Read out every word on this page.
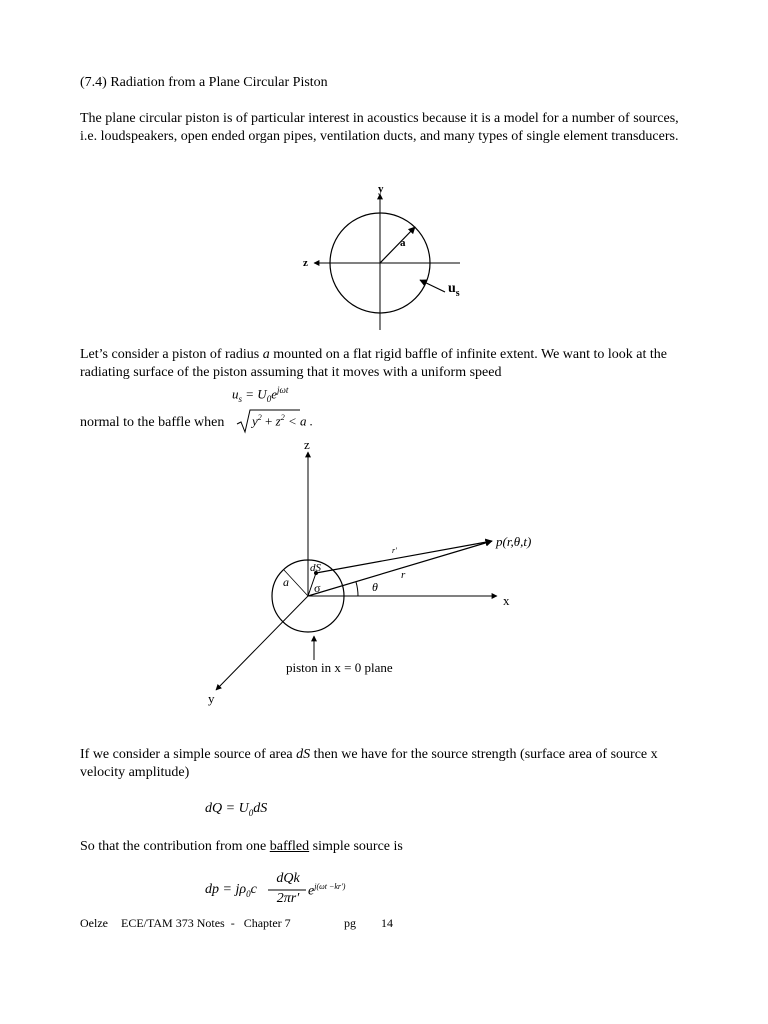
(7.4) Radiation from a Plane Circular Piston
The plane circular piston is of particular interest in acoustics because it is a model for a number of sources, i.e. loudspeakers, open ended organ pipes, ventilation ducts, and many types of single element transducers.
y
z
a
$u_s$
Let’s consider a piston of radius a mounted on a flat rigid baffle of infinite extent. We want to look at the radiating surface of the piston assuming that it moves with a uniform speed
$u_s = U_0e^{j\omega t}$
normal to the baffle when $y^2 + z^2 < a$ .
z
x
y
p(r,θ,t)
r′
r
θ
a
dS
σ
piston in x = 0 plane
If we consider a simple source of area dS then we have for the source strength (surface area of source x velocity amplitude)
dQ = $U_0dS$
So that the contribution from one baffled simple source is
dp = $j\rho_0c$
dQk
2πr′ $e^{j(\omega t -kr')}$
Oelze ECE/TAM 373 Notes  -   Chapter 7	pg 14
